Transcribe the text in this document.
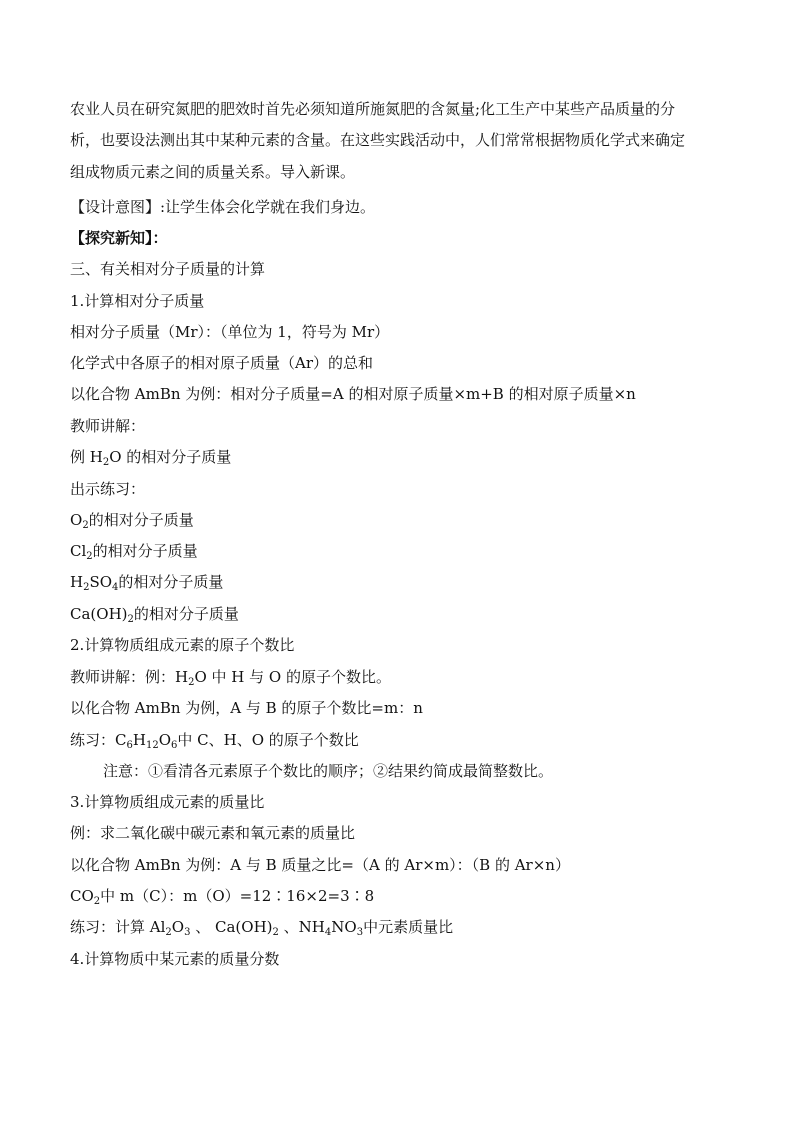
农业人员在研究氮肥的肥效时首先必须知道所施氮肥的含氮量;化工生产中某些产品质量的分
析，也要设法测出其中某种元素的含量。在这些实践活动中，人们常常根据物质化学式来确定
组成物质元素之间的质量关系。导入新课。
【设计意图】:让学生体会化学就在我们身边。
【探究新知】：
三、有关相对分子质量的计算
1.计算相对分子质量
相对分子质量（Mr）：（单位为 1，符号为 Mr）
化学式中各原子的相对原子质量（Ar）的总和
以化合物 AmBn 为例：相对分子质量=A 的相对原子质量×m+B 的相对原子质量×n
教师讲解：
例 $H_2O$ 的相对分子质量
出示练习：
$O_2$的相对分子质量
$Cl_2$的相对分子质量
$H_2SO_4$的相对分子质量
$Ca(OH)_2$的相对分子质量
2.计算物质组成元素的原子个数比
教师讲解：例：$H_2O$ 中 H 与 O 的原子个数比。
以化合物 AmBn 为例，A 与 B 的原子个数比=m：n
练习：$C_6H_{12}O_6$中 C、H、O 的原子个数比
注意：①看清各元素原子个数比的顺序；②结果约简成最简整数比。
3.计算物质组成元素的质量比
例：求二氧化碳中碳元素和氧元素的质量比
以化合物 AmBn 为例：A 与 B 质量之比=（A 的 Ar×m）：（B 的 Ar×n）
$CO_2$中 m（C）：m（O）=12∶16×2=3∶8
练习：计算 $Al_2O_3$ 、 $Ca(OH)_2$ 、$NH_4NO_3$中元素质量比
4.计算物质中某元素的质量分数
